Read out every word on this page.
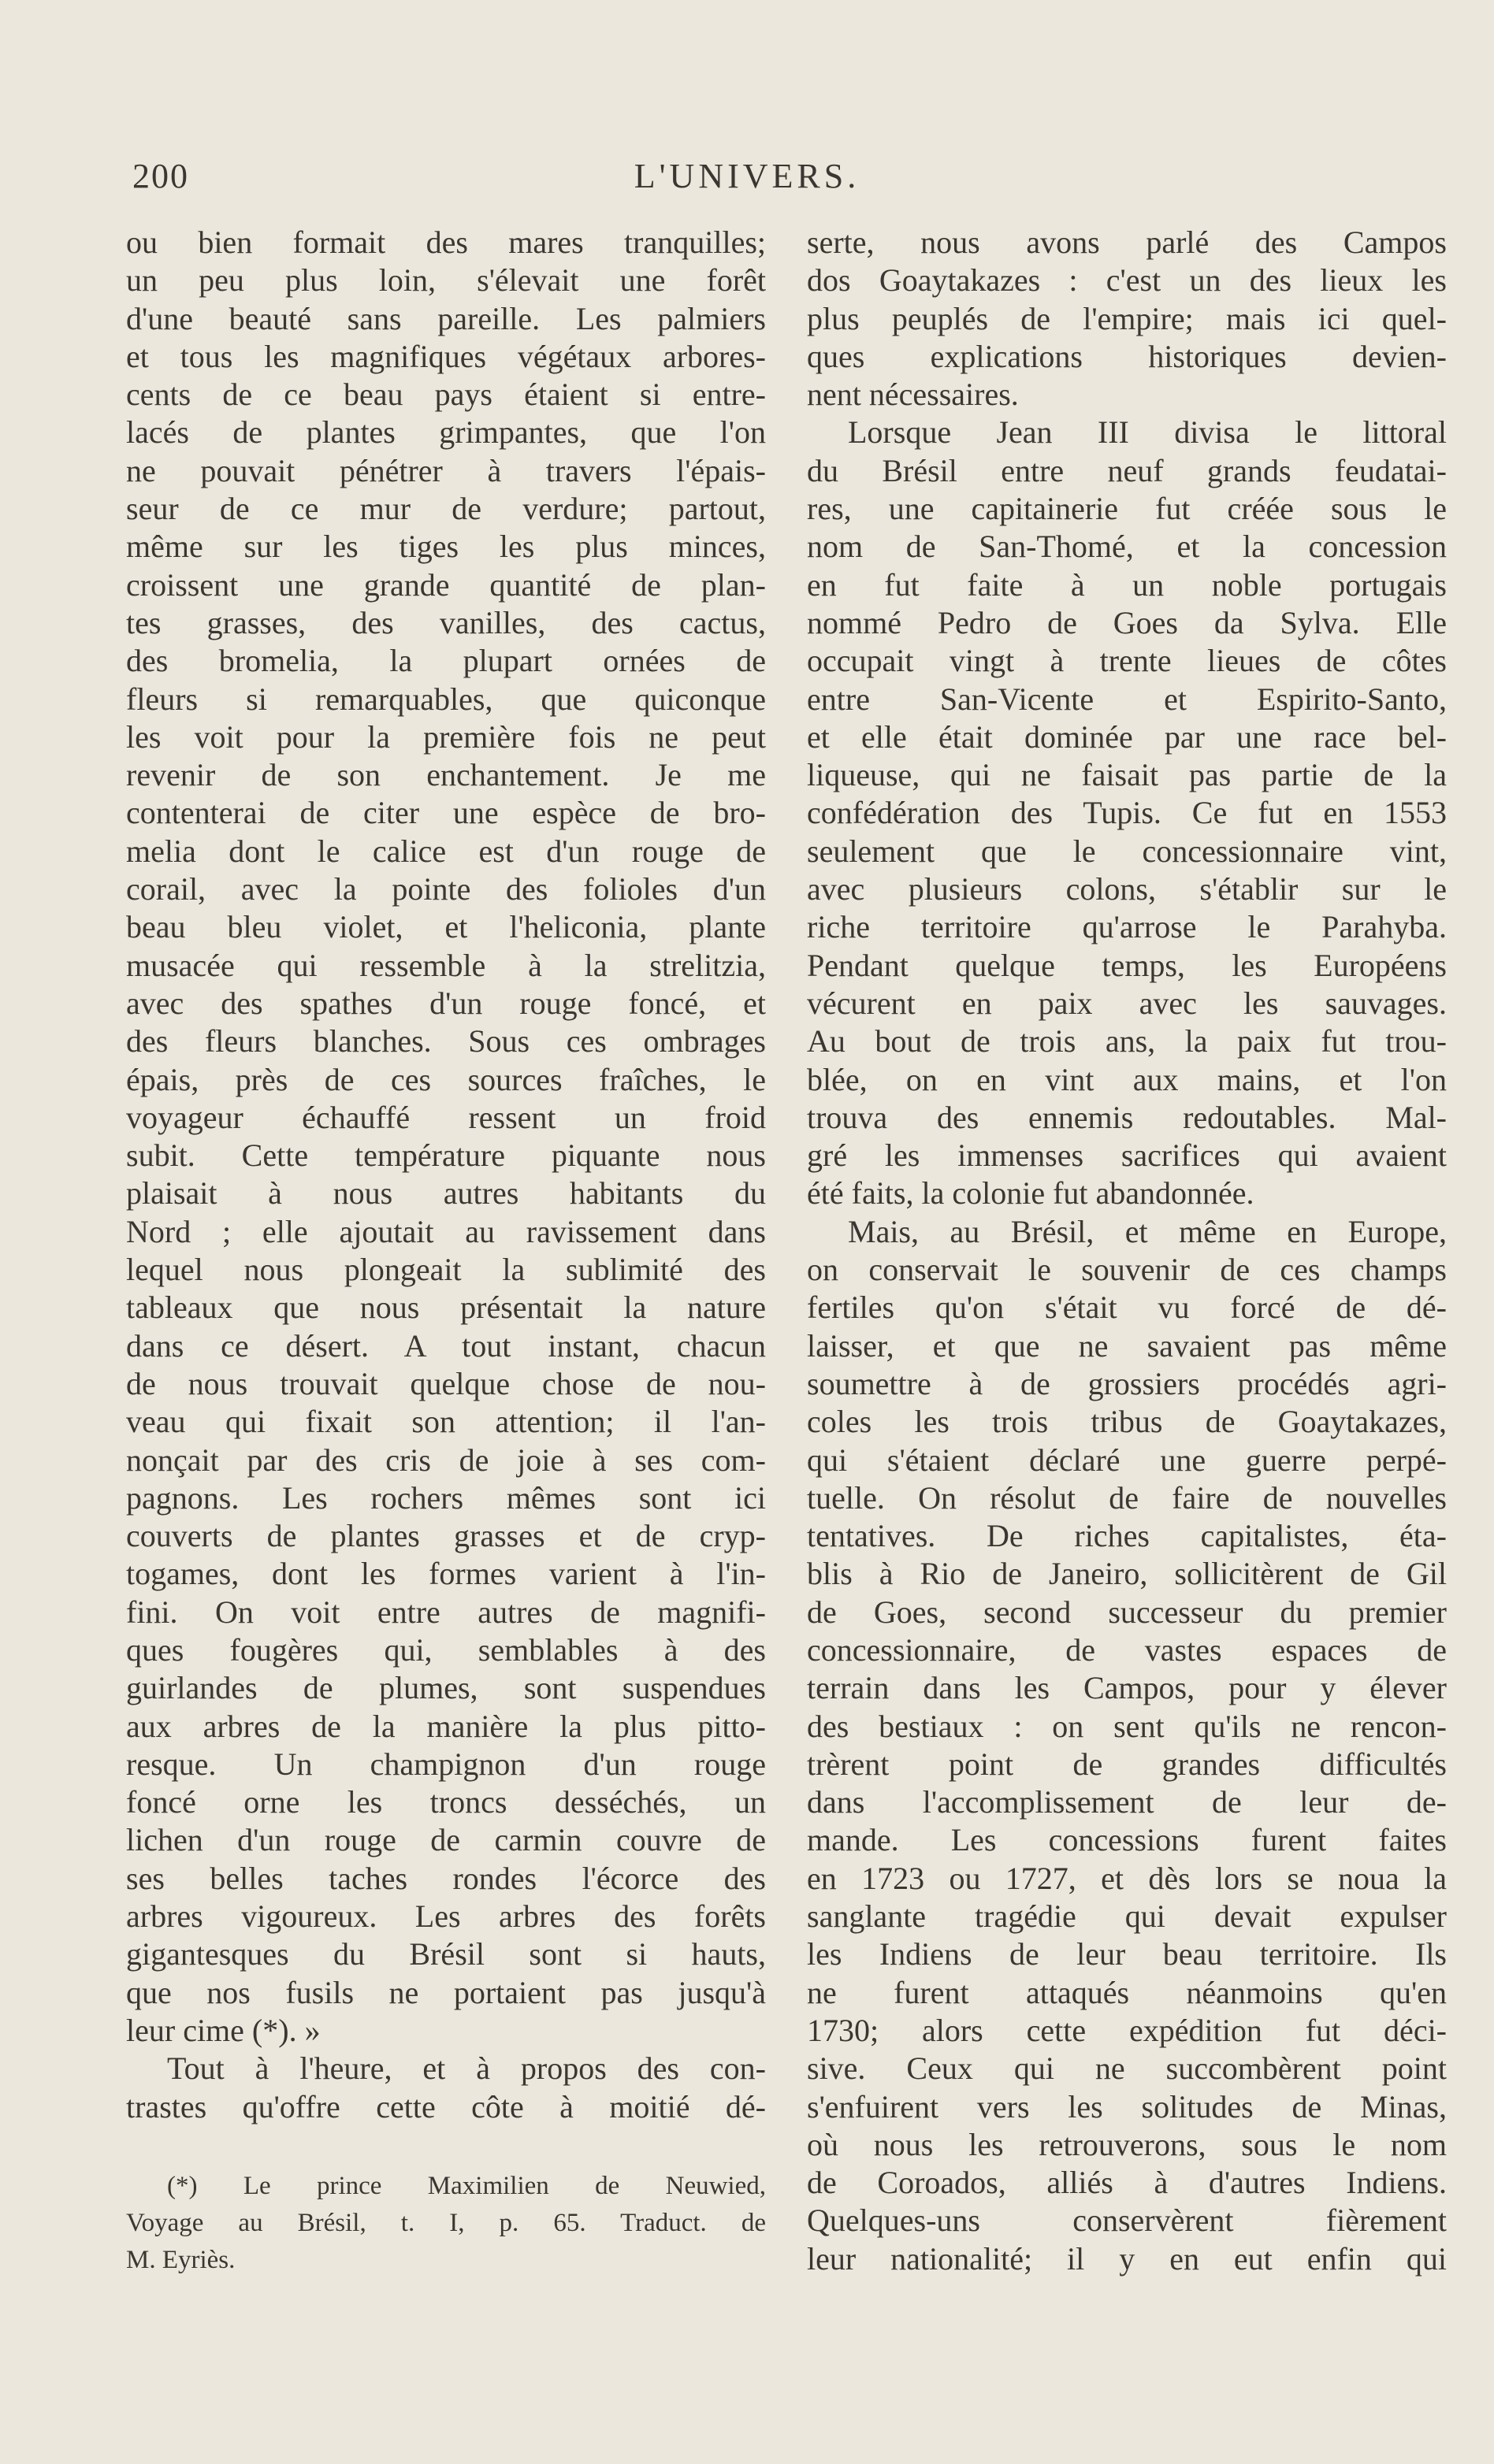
200	L'UNIVERS.
ou bien formait des mares tranquilles;
un peu plus loin, s'élevait une forêt
d'une beauté sans pareille. Les palmiers
et tous les magnifiques végétaux arbores-
cents de ce beau pays étaient si entre-
lacés de plantes grimpantes, que l'on
ne pouvait pénétrer à travers l'épais-
seur de ce mur de verdure; partout,
même sur les tiges les plus minces,
croissent une grande quantité de plan-
tes grasses, des vanilles, des cactus,
des bromelia, la plupart ornées de
fleurs si remarquables, que quiconque
les voit pour la première fois ne peut
revenir de son enchantement. Je me
contenterai de citer une espèce de bro-
melia dont le calice est d'un rouge de
corail, avec la pointe des folioles d'un
beau bleu violet, et l'heliconia, plante
musacée qui ressemble à la strelitzia,
avec des spathes d'un rouge foncé, et
des fleurs blanches. Sous ces ombrages
épais, près de ces sources fraîches, le
voyageur échauffé ressent un froid
subit. Cette température piquante nous
plaisait à nous autres habitants du
Nord ; elle ajoutait au ravissement dans
lequel nous plongeait la sublimité des
tableaux que nous présentait la nature
dans ce désert. A tout instant, chacun
de nous trouvait quelque chose de nou-
veau qui fixait son attention; il l'an-
nonçait par des cris de joie à ses com-
pagnons. Les rochers mêmes sont ici
couverts de plantes grasses et de cryp-
togames, dont les formes varient à l'in-
fini. On voit entre autres de magnifi-
ques fougères qui, semblables à des
guirlandes de plumes, sont suspendues
aux arbres de la manière la plus pitto-
resque. Un champignon d'un rouge
foncé orne les troncs desséchés, un
lichen d'un rouge de carmin couvre de
ses belles taches rondes l'écorce des
arbres vigoureux. Les arbres des forêts
gigantesques du Brésil sont si hauts,
que nos fusils ne portaient pas jusqu'à
leur cime (*). »
Tout à l'heure, et à propos des con-
trastes qu'offre cette côte à moitié dé-
serte, nous avons parlé des Campos
dos Goaytakazes : c'est un des lieux les
plus peuplés de l'empire; mais ici quel-
ques explications historiques devien-
nent nécessaires.
Lorsque Jean III divisa le littoral
du Brésil entre neuf grands feudatai-
res, une capitainerie fut créée sous le
nom de San-Thomé, et la concession
en fut faite à un noble portugais
nommé Pedro de Goes da Sylva. Elle
occupait vingt à trente lieues de côtes
entre San-Vicente et Espirito-Santo,
et elle était dominée par une race bel-
liqueuse, qui ne faisait pas partie de la
confédération des Tupis. Ce fut en 1553
seulement que le concessionnaire vint,
avec plusieurs colons, s'établir sur le
riche territoire qu'arrose le Parahyba.
Pendant quelque temps, les Européens
vécurent en paix avec les sauvages.
Au bout de trois ans, la paix fut trou-
blée, on en vint aux mains, et l'on
trouva des ennemis redoutables. Mal-
gré les immenses sacrifices qui avaient
été faits, la colonie fut abandonnée.
Mais, au Brésil, et même en Europe,
on conservait le souvenir de ces champs
fertiles qu'on s'était vu forcé de dé-
laisser, et que ne savaient pas même
soumettre à de grossiers procédés agri-
coles les trois tribus de Goaytakazes,
qui s'étaient déclaré une guerre perpé-
tuelle. On résolut de faire de nouvelles
tentatives. De riches capitalistes, éta-
blis à Rio de Janeiro, sollicitèrent de Gil
de Goes, second successeur du premier
concessionnaire, de vastes espaces de
terrain dans les Campos, pour y élever
des bestiaux : on sent qu'ils ne rencon-
trèrent point de grandes difficultés
dans l'accomplissement de leur de-
mande. Les concessions furent faites
en 1723 ou 1727, et dès lors se noua la
sanglante tragédie qui devait expulser
les Indiens de leur beau territoire. Ils
ne furent attaqués néanmoins qu'en
1730; alors cette expédition fut déci-
sive. Ceux qui ne succombèrent point
s'enfuirent vers les solitudes de Minas,
où nous les retrouverons, sous le nom
de Coroados, alliés à d'autres Indiens.
Quelques-uns conservèrent fièrement
leur nationalité; il y en eut enfin qui
(*) Le prince Maximilien de Neuwied,
Voyage au Brésil, t. I, p. 65. Traduct. de
M. Eyriès.
